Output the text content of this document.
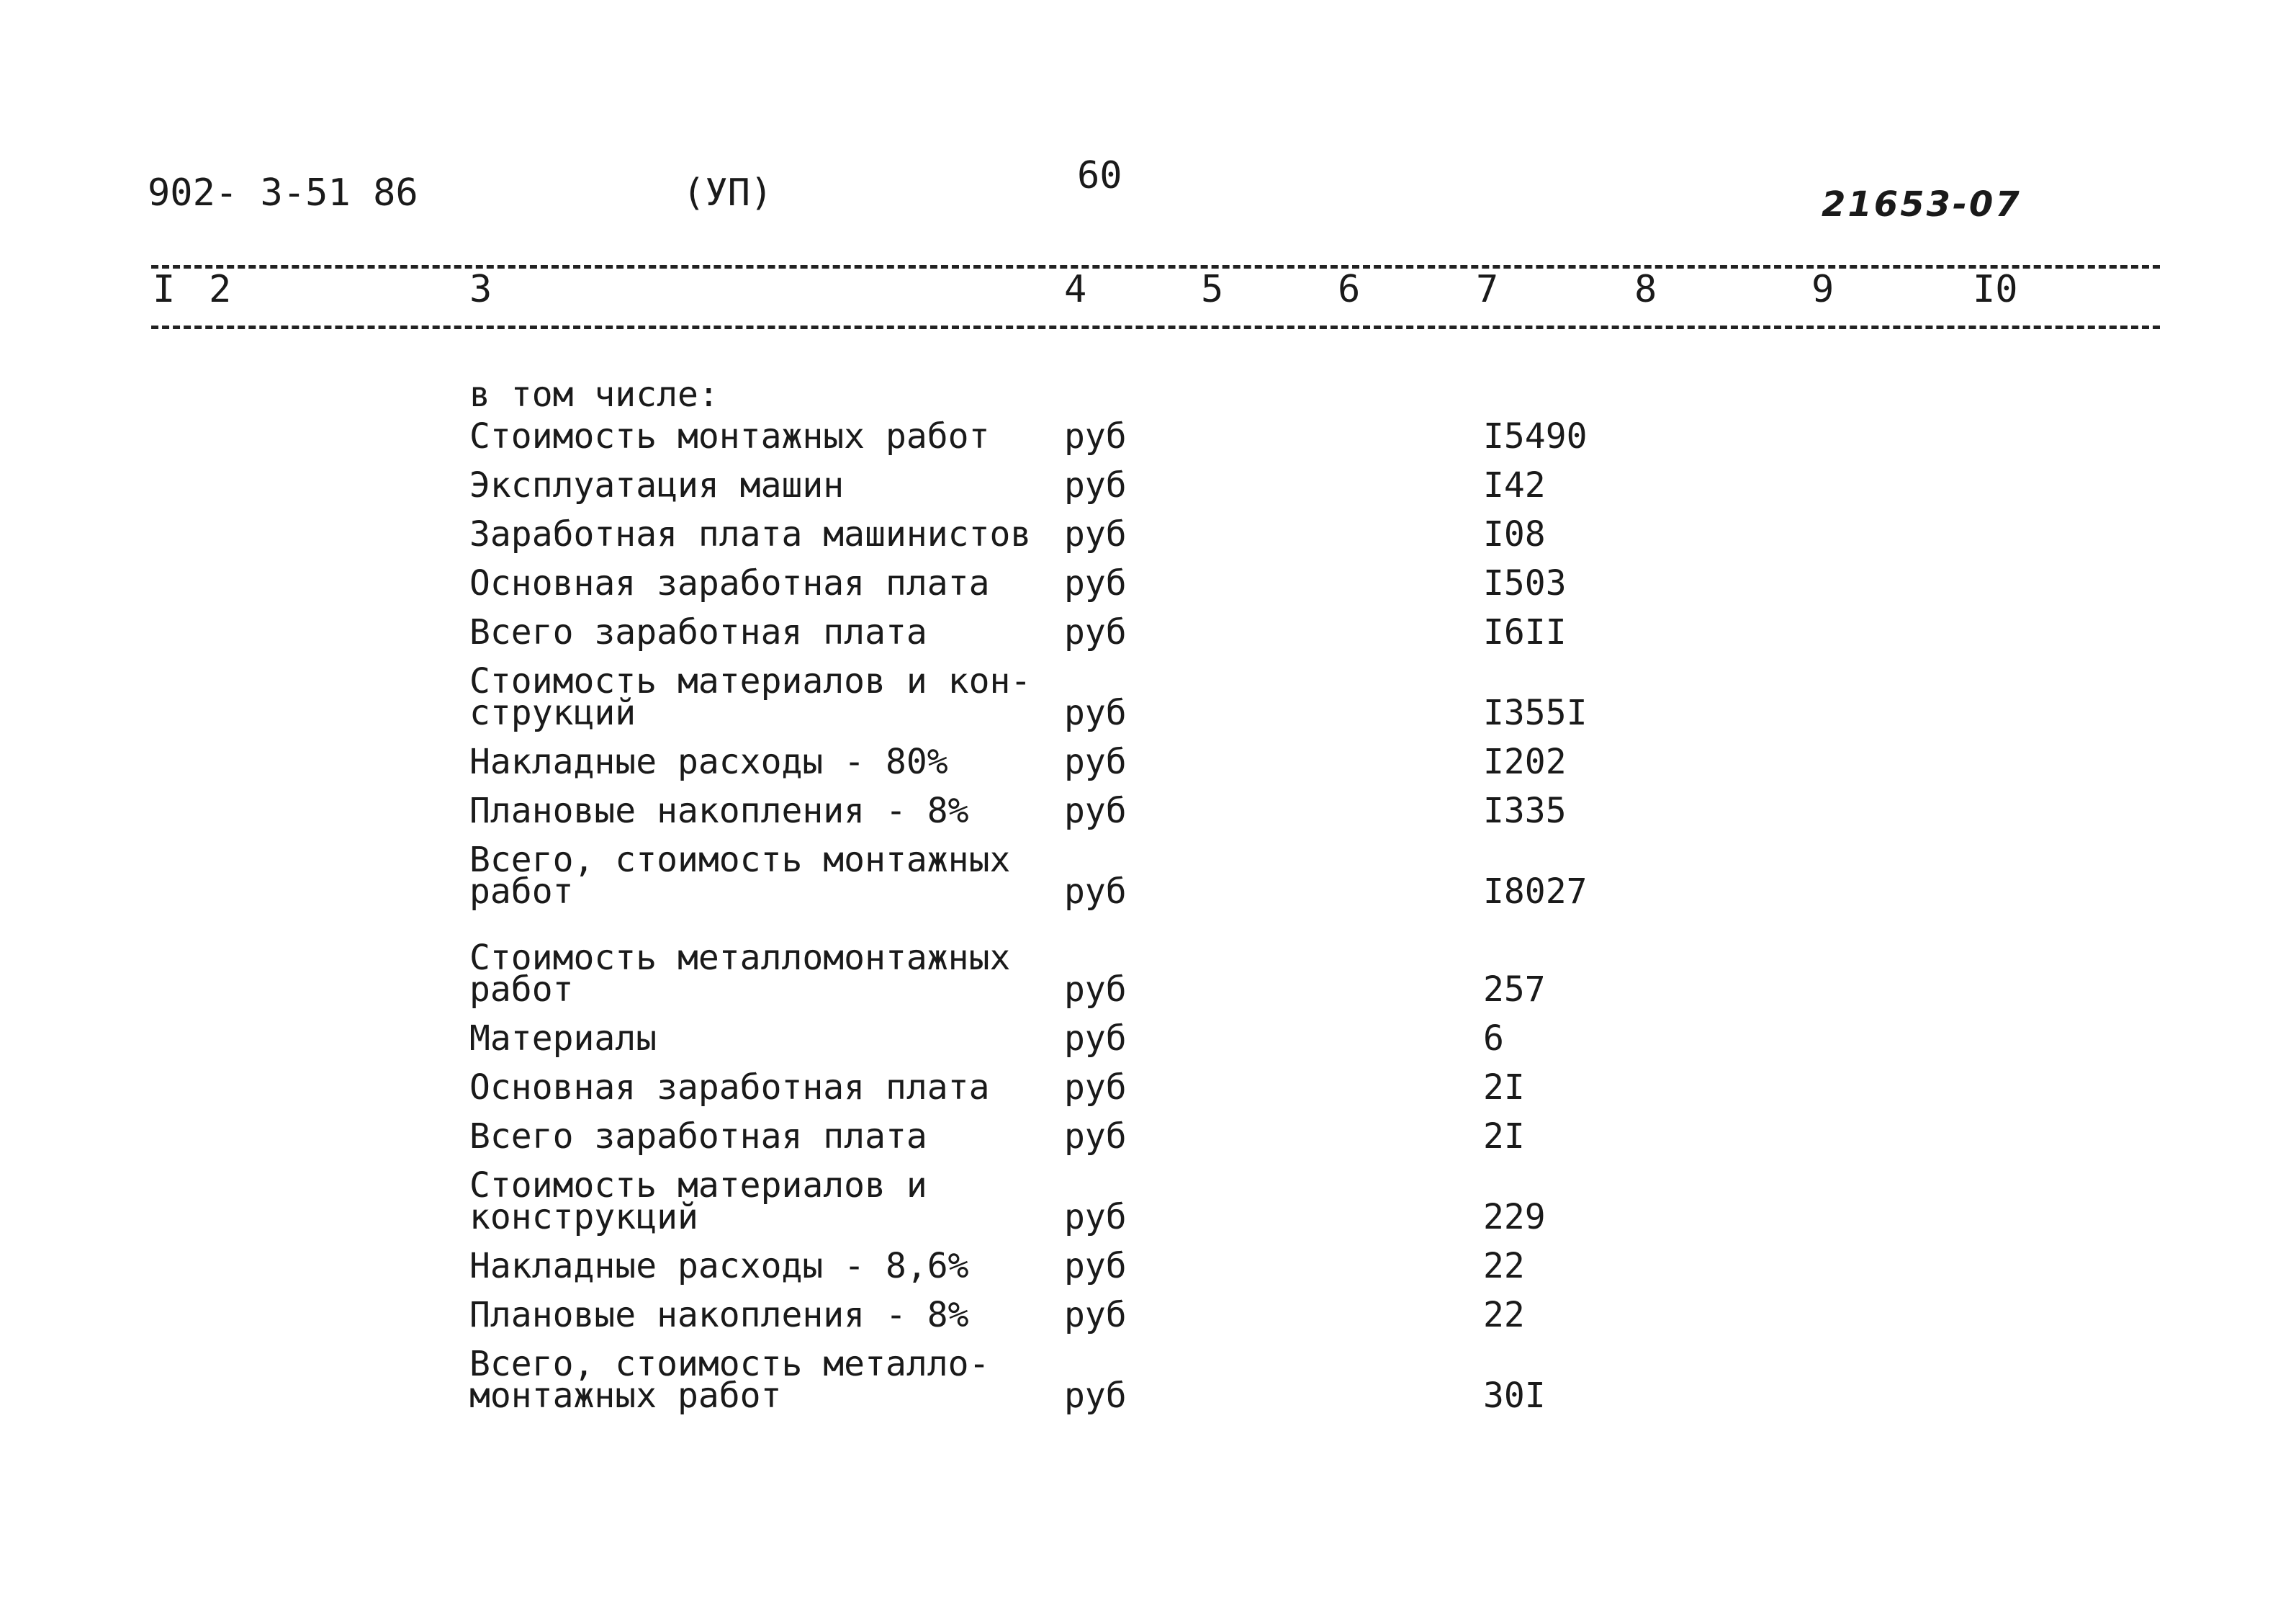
902- 3-51 86	(УП)	60
21653-07
I 2	3	4	5	6	7	8	9	I0
в том числе:
Стоимость монтажных работ руб	I5490
Эксплуатация машин	руб	I42
Заработная плата машинистов руб	I08
Основная заработная плата руб	I503
Всего заработная плата	руб	I6II
Стоимость материалов и кон-
струкций	руб	I355I
Накладные расходы - 80%	руб	I202
Плановые накопления - 8%	руб	I335
Всего, стоимость монтажных
работ	руб	I8027
Стоимость металломонтажных
работ	руб	257
Материалы	руб	6
Основная заработная плата руб	2I
Всего заработная плата	руб	2I
Стоимость материалов и
конструкций	руб	229
Накладные расходы - 8,6%	руб	22
Плановые накопления - 8%	руб	22
Всего, стоимость металло-
монтажных работ	руб	30I
